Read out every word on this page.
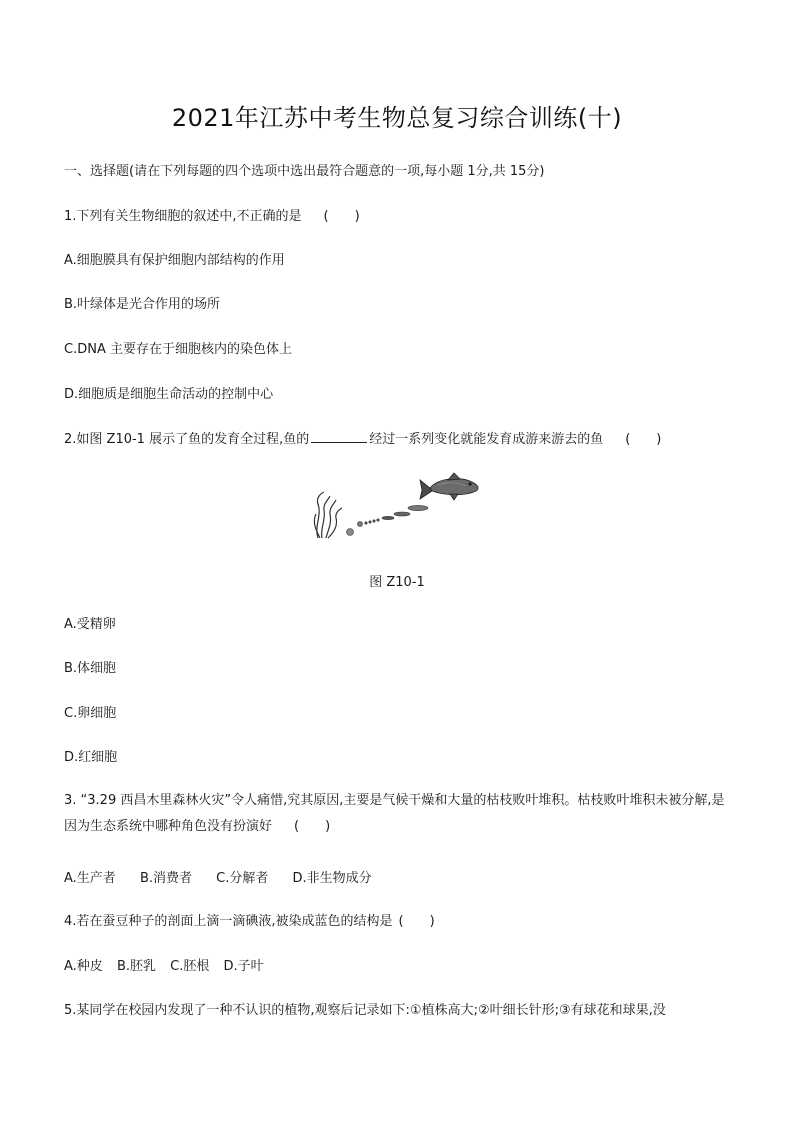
2021年江苏中考生物总复习综合训练(十)
一、选择题(请在下列每题的四个选项中选出最符合题意的一项,每小题 1分,共 15分)
1.下列有关生物细胞的叙述中,不正确的是 (　　)
A.细胞膜具有保护细胞内部结构的作用
B.叶绿体是光合作用的场所
C.DNA 主要存在于细胞核内的染色体上
D.细胞质是细胞生命活动的控制中心
2.如图 Z10-1 展示了鱼的发育全过程,鱼的	经过一系列变化就能发育成游来游去的鱼 (　　)
图 Z10-1
A.受精卵
B.体细胞
C.卵细胞
D.红细胞
3. “3.29 西昌木里森林火灾”令人痛惜,究其原因,主要是气候干燥和大量的枯枝败叶堆积。枯枝败叶堆积未被分解,是因为生态系统中哪种角色没有扮演好 (　　)
A.生产者 B.消费者 C.分解者 D.非生物成分
4.若在蚕豆种子的剖面上滴一滴碘液,被染成蓝色的结构是 (　　)
A.种皮 B.胚乳 C.胚根 D.子叶
5.某同学在校园内发现了一种不认识的植物,观察后记录如下:①植株高大;②叶细长针形;③有球花和球果,没
